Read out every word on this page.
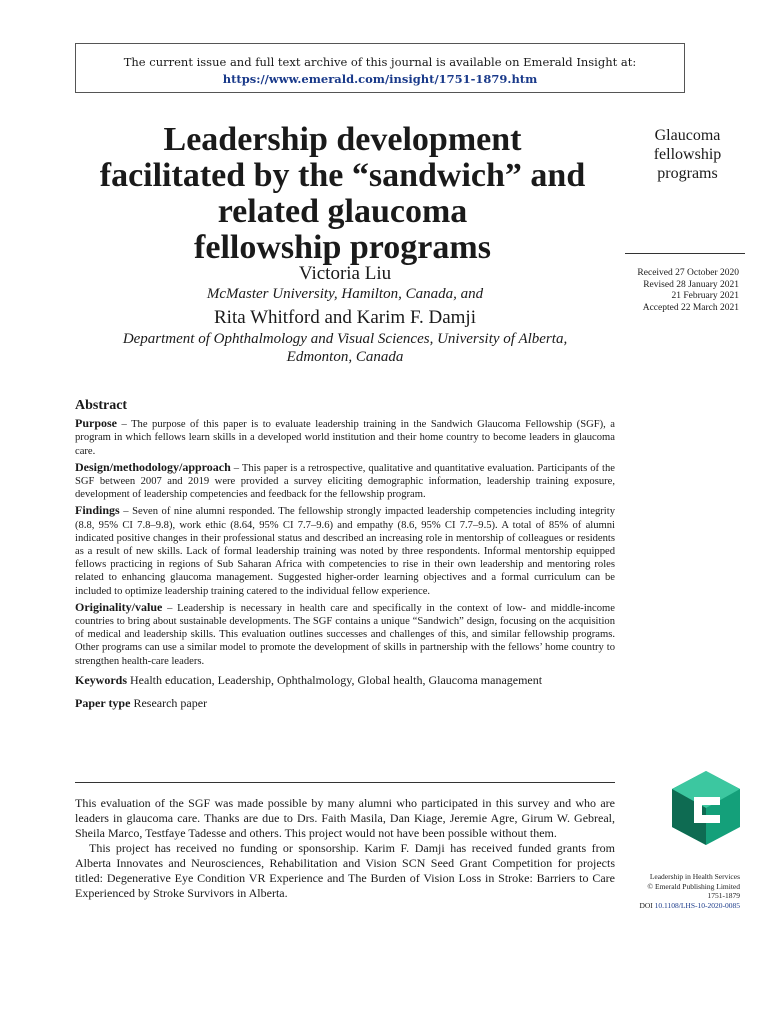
The current issue and full text archive of this journal is available on Emerald Insight at:
https://www.emerald.com/insight/1751-1879.htm
Leadership development
facilitated by the “sandwich” and
related glaucoma
fellowship programs
Victoria Liu
McMaster University, Hamilton, Canada, and
Rita Whitford and Karim F. Damji
Department of Ophthalmology and Visual Sciences, University of Alberta,
Edmonton, Canada
Glaucoma
fellowship
programs
Received 27 October 2020
Revised 28 January 2021
21 February 2021
Accepted 22 March 2021
Abstract

Purpose – The purpose of this paper is to evaluate leadership training in the Sandwich Glaucoma Fellowship (SGF), a program in which fellows learn skills in a developed world institution and their home country to become leaders in glaucoma care.

Design/methodology/approach – This paper is a retrospective, qualitative and quantitative evaluation. Participants of the SGF between 2007 and 2019 were provided a survey eliciting demographic information, leadership training exposure, development of leadership competencies and feedback for the fellowship program.

Findings – Seven of nine alumni responded. The fellowship strongly impacted leadership competencies including integrity (8.8, 95% CI 7.8–9.8), work ethic (8.64, 95% CI 7.7–9.6) and empathy (8.6, 95% CI 7.7–9.5). A total of 85% of alumni indicated positive changes in their professional status and described an increasing role in mentorship of colleagues or residents as a result of new skills. Lack of formal leadership training was noted by three respondents. Informal mentorship equipped fellows practicing in regions of Sub Saharan Africa with competencies to rise in their own leadership and mentoring roles related to enhancing glaucoma management. Suggested higher-order learning objectives and a formal curriculum can be included to optimize leadership training catered to the individual fellow experience.

Originality/value – Leadership is necessary in health care and specifically in the context of low- and middle-income countries to bring about sustainable developments. The SGF contains a unique “Sandwich” design, focusing on the acquisition of medical and leadership skills. This evaluation outlines successes and challenges of this, and similar fellowship programs. Other programs can use a similar model to promote the development of skills in partnership with the fellows’ home country to strengthen health-care leaders.

Keywords Health education, Leadership, Ophthalmology, Global health, Glaucoma management

Paper type Research paper

This evaluation of the SGF was made possible by many alumni who participated in this survey and who are leaders in glaucoma care. Thanks are due to Drs. Faith Masila, Dan Kiage, Jeremie Agre, Girum W. Gebreal, Sheila Marco, Testfaye Tadesse and others. This project would not have been possible without them.

This project has received no funding or sponsorship. Karim F. Damji has received funded grants from Alberta Innovates and Neurosciences, Rehabilitation and Vision SCN Seed Grant Competition for projects titled: Degenerative Eye Condition VR Experience and The Burden of Vision Loss in Stroke: Barriers to Care Experienced by Stroke Survivors in Alberta.

Leadership in Health Services
© Emerald Publishing Limited
1751-1879
DOI 10.1108/LHS-10-2020-0085
